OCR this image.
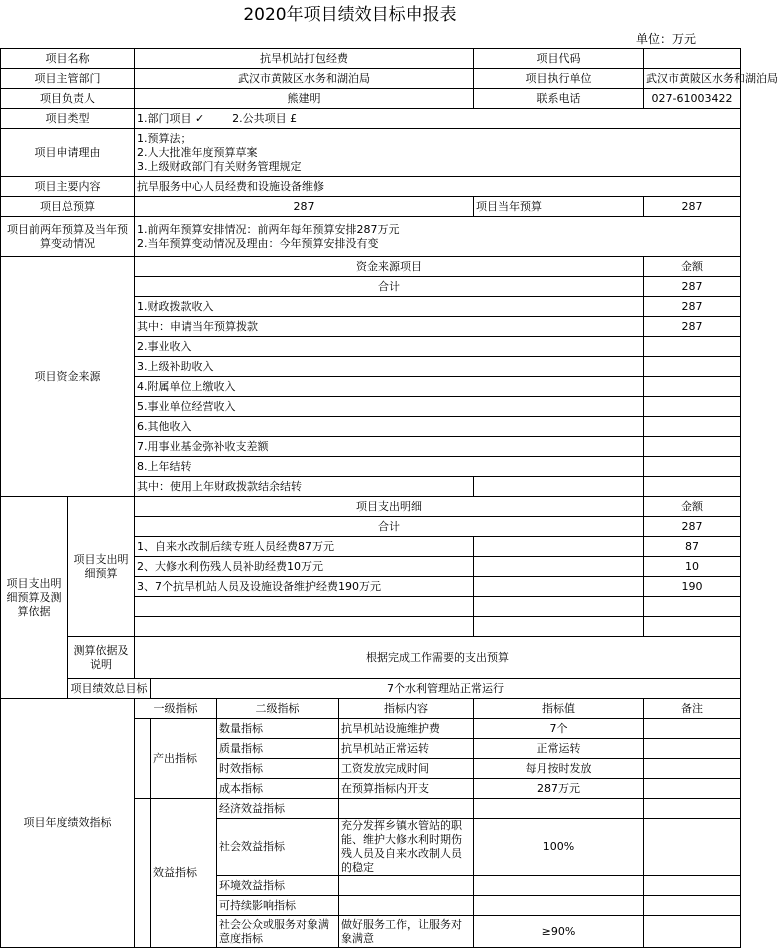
2020年项目绩效目标申报表
单位：万元
项目名称		抗旱机站打包经费				项目代码	
项目主管部门		武汉市黄陂区水务和湖泊局				项目执行单位	武汉市黄陂区水务和湖泊局
项目负责人		熊建明				联系电话	027-61003422
项目类型		1.部门项目 ✓        2.公共项目 £					
项目申请理由		1.预算法；
2.人大批准年度预算草案
3.上级财政部门有关财务管理规定					

项目主要内容		抗旱服务中心人员经费和设施设备维修					
项目总预算		287				项目当年预算	287
项目前两年预算及当年预算变动情况		1.前两年预算安排情况：前两年每年预算安排287万元
2.当年预算变动情况及理由：今年预算安排没有变					

项目资金来源		资金来源项目					金额
		合计					287
		1.财政拨款收入					287
		其中：申请当年预算拨款					287
		2.事业收入					
		3.上级补助收入					
		4.附属单位上缴收入					
		5.事业单位经营收入					
		6.其他收入					
		7.用事业基金弥补收支差额					
		8.上年结转					
		其中：使用上年财政拨款结余结转					
项目支出明细预算及测算依据	项目支出明细预算	项目支出明细					金额
		合计					287
		1、自来水改制后续专班人员经费87万元					87
		2、大修水利伤残人员补助经费10万元					10
		3、7个抗旱机站人员及设施设备维护经费190万元					190

	测算依据及说明	根据完成工作需要的支出预算					
	项目绩效总目标		7个水利管理站正常运行				
项目年度绩效指标		一级指标		二级指标	指标内容	指标值	备注
			产出指标	数量指标	抗旱机站设施维护费	7个	
				质量指标	抗旱机站正常运转	正常运转	
				时效指标	工资发放完成时间	每月按时发放	
				成本指标	在预算指标内开支	287万元	
			效益指标	经济效益指标			
				社会效益指标	充分发挥乡镇水管站的职能、维护大修水利时期伤残人员及自来水改制人员的稳定	100%	
				环境效益指标			
				可持续影响指标			
				社会公众或服务对象满意度指标	做好服务工作，让服务对象满意	≥90%	
